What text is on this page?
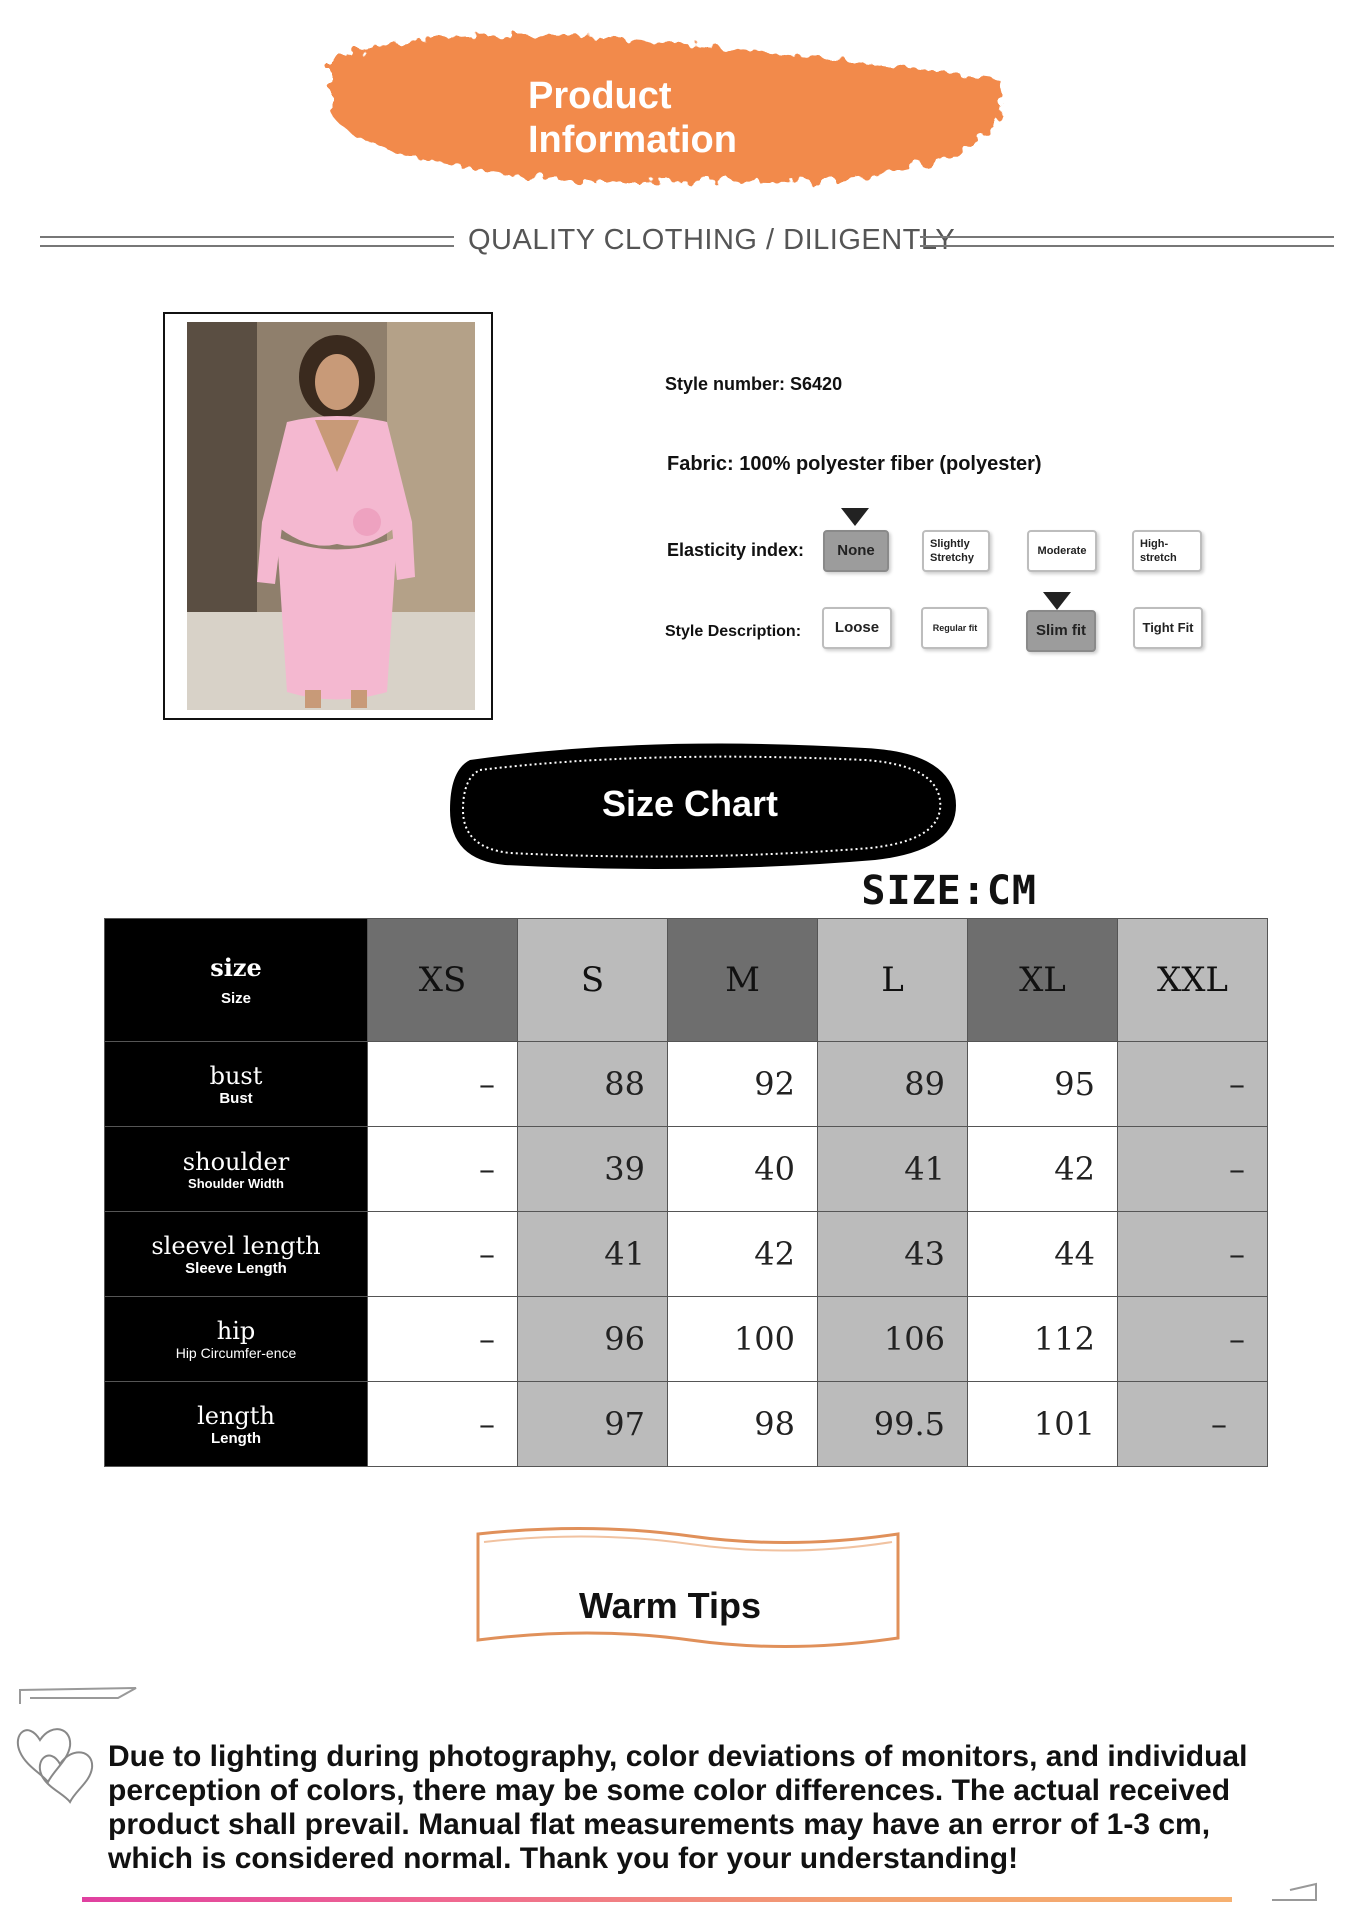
Product
Information
QUALITY CLOTHING / DILIGENTLY
Style number: S6420
Fabric: 100% polyester fiber (polyester)
Elasticity index:	None	Slightly Stretchy
Moderate
High-stretch
Style Description:	Loose	Regular fit	Slim fit	Tight Fit
Size Chart
SIZE:CM
size
Size	XS	S	M	L	XL	XXL

bust
Bust	–	88	92	89	95	–

shoulder
Shoulder Width	–	39	40	41	42	–

sleevel length
Sleeve Length	–	41	42	43	44	–

hip
Hip Circumfer-ence	–	96	100	106	112	–

length
Length	–	97	98	99.5	101	–
Warm Tips
Due to lighting during photography, color deviations of monitors, and individual perception of colors, there may be some color differences. The actual received product shall prevail. Manual flat measurements may have an error of 1-3 cm, which is considered normal. Thank you for your understanding!
